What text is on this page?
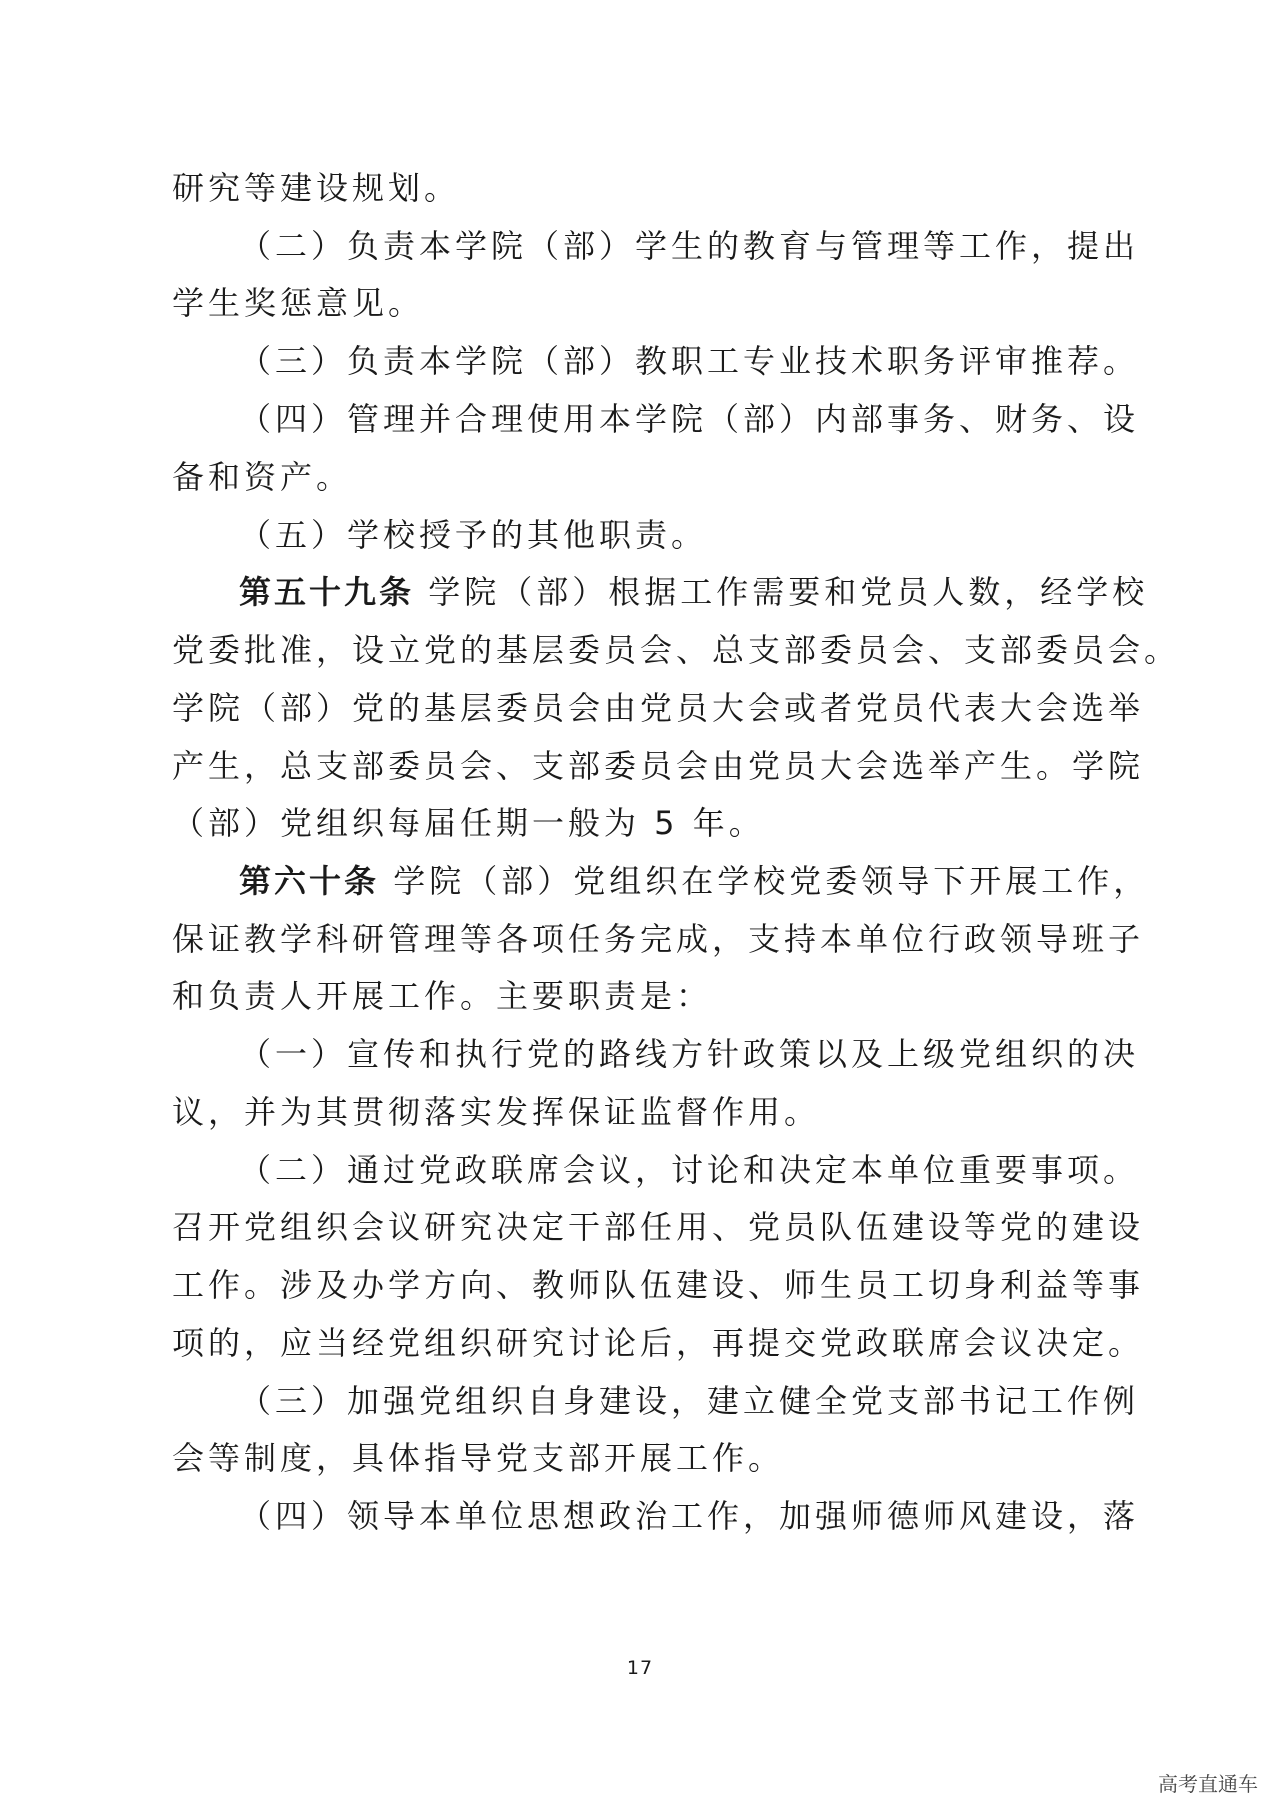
研究等建设规划。
（二）负责本学院（部）学生的教育与管理等工作，提出
学生奖惩意见。
（三）负责本学院（部）教职工专业技术职务评审推荐。
（四）管理并合理使用本学院（部）内部事务、财务、设
备和资产。
（五）学校授予的其他职责。
第五十九条 学院（部）根据工作需要和党员人数，经学校
党委批准，设立党的基层委员会、总支部委员会、支部委员会。
学院（部）党的基层委员会由党员大会或者党员代表大会选举
产生，总支部委员会、支部委员会由党员大会选举产生。学院
（部）党组织每届任期一般为 5 年。
第六十条 学院（部）党组织在学校党委领导下开展工作，
保证教学科研管理等各项任务完成，支持本单位行政领导班子
和负责人开展工作。主要职责是：
（一）宣传和执行党的路线方针政策以及上级党组织的决
议，并为其贯彻落实发挥保证监督作用。
（二）通过党政联席会议，讨论和决定本单位重要事项。
召开党组织会议研究决定干部任用、党员队伍建设等党的建设
工作。涉及办学方向、教师队伍建设、师生员工切身利益等事
项的，应当经党组织研究讨论后，再提交党政联席会议决定。
（三）加强党组织自身建设，建立健全党支部书记工作例
会等制度，具体指导党支部开展工作。
（四）领导本单位思想政治工作，加强师德师风建设，落
17
高考直通车
